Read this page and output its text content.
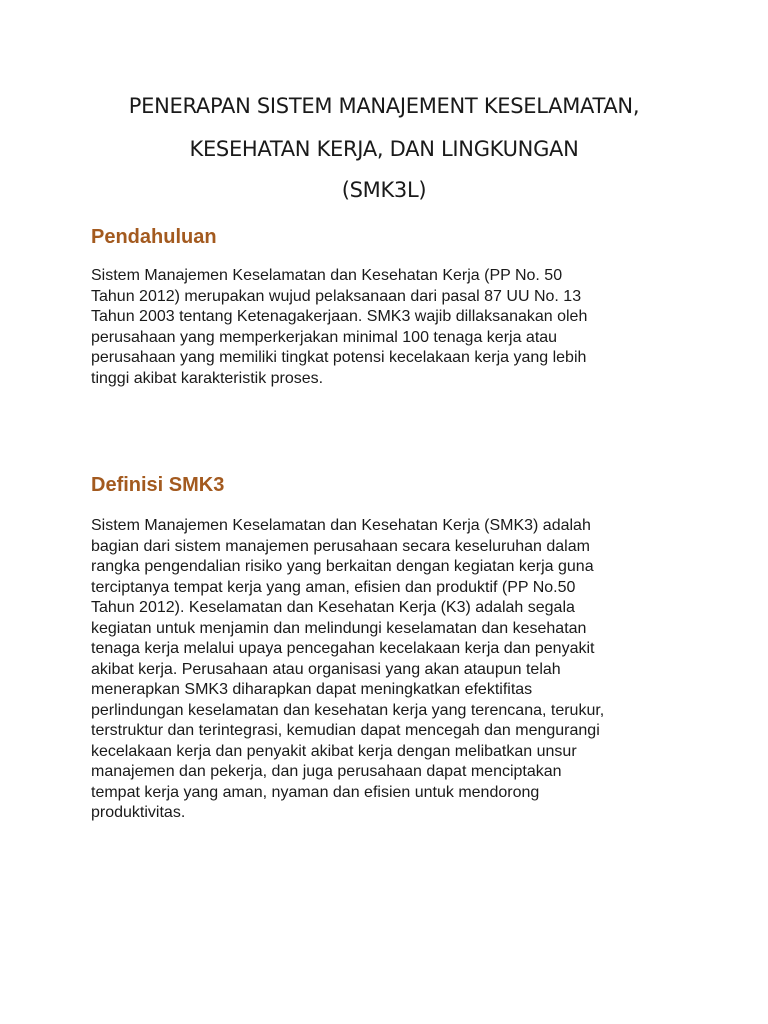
PENERAPAN SISTEM MANAJEMENT KESELAMATAN,
KESEHATAN KERJA, DAN LINGKUNGAN
(SMK3L)
Pendahuluan
Sistem Manajemen Keselamatan dan Kesehatan Kerja (PP No. 50
Tahun 2012) merupakan wujud pelaksanaan dari pasal 87 UU No. 13
Tahun 2003 tentang Ketenagakerjaan. SMK3 wajib dillaksanakan oleh
perusahaan yang memperkerjakan minimal 100 tenaga kerja atau
perusahaan yang memiliki tingkat potensi kecelakaan kerja yang lebih
tinggi akibat karakteristik proses.
Definisi SMK3
Sistem Manajemen Keselamatan dan Kesehatan Kerja (SMK3) adalah
bagian dari sistem manajemen perusahaan secara keseluruhan dalam
rangka pengendalian risiko yang berkaitan dengan kegiatan kerja guna
terciptanya tempat kerja yang aman, efisien dan produktif (PP No.50
Tahun 2012). Keselamatan dan Kesehatan Kerja (K3) adalah segala
kegiatan untuk menjamin dan melindungi keselamatan dan kesehatan
tenaga kerja melalui upaya pencegahan kecelakaan kerja dan penyakit
akibat kerja. Perusahaan atau organisasi yang akan ataupun telah
menerapkan SMK3 diharapkan dapat meningkatkan efektifitas
perlindungan keselamatan dan kesehatan kerja yang terencana, terukur,
terstruktur dan terintegrasi, kemudian dapat mencegah dan mengurangi
kecelakaan kerja dan penyakit akibat kerja dengan melibatkan unsur
manajemen dan pekerja, dan juga perusahaan dapat menciptakan
tempat kerja yang aman, nyaman dan efisien untuk mendorong
produktivitas.
